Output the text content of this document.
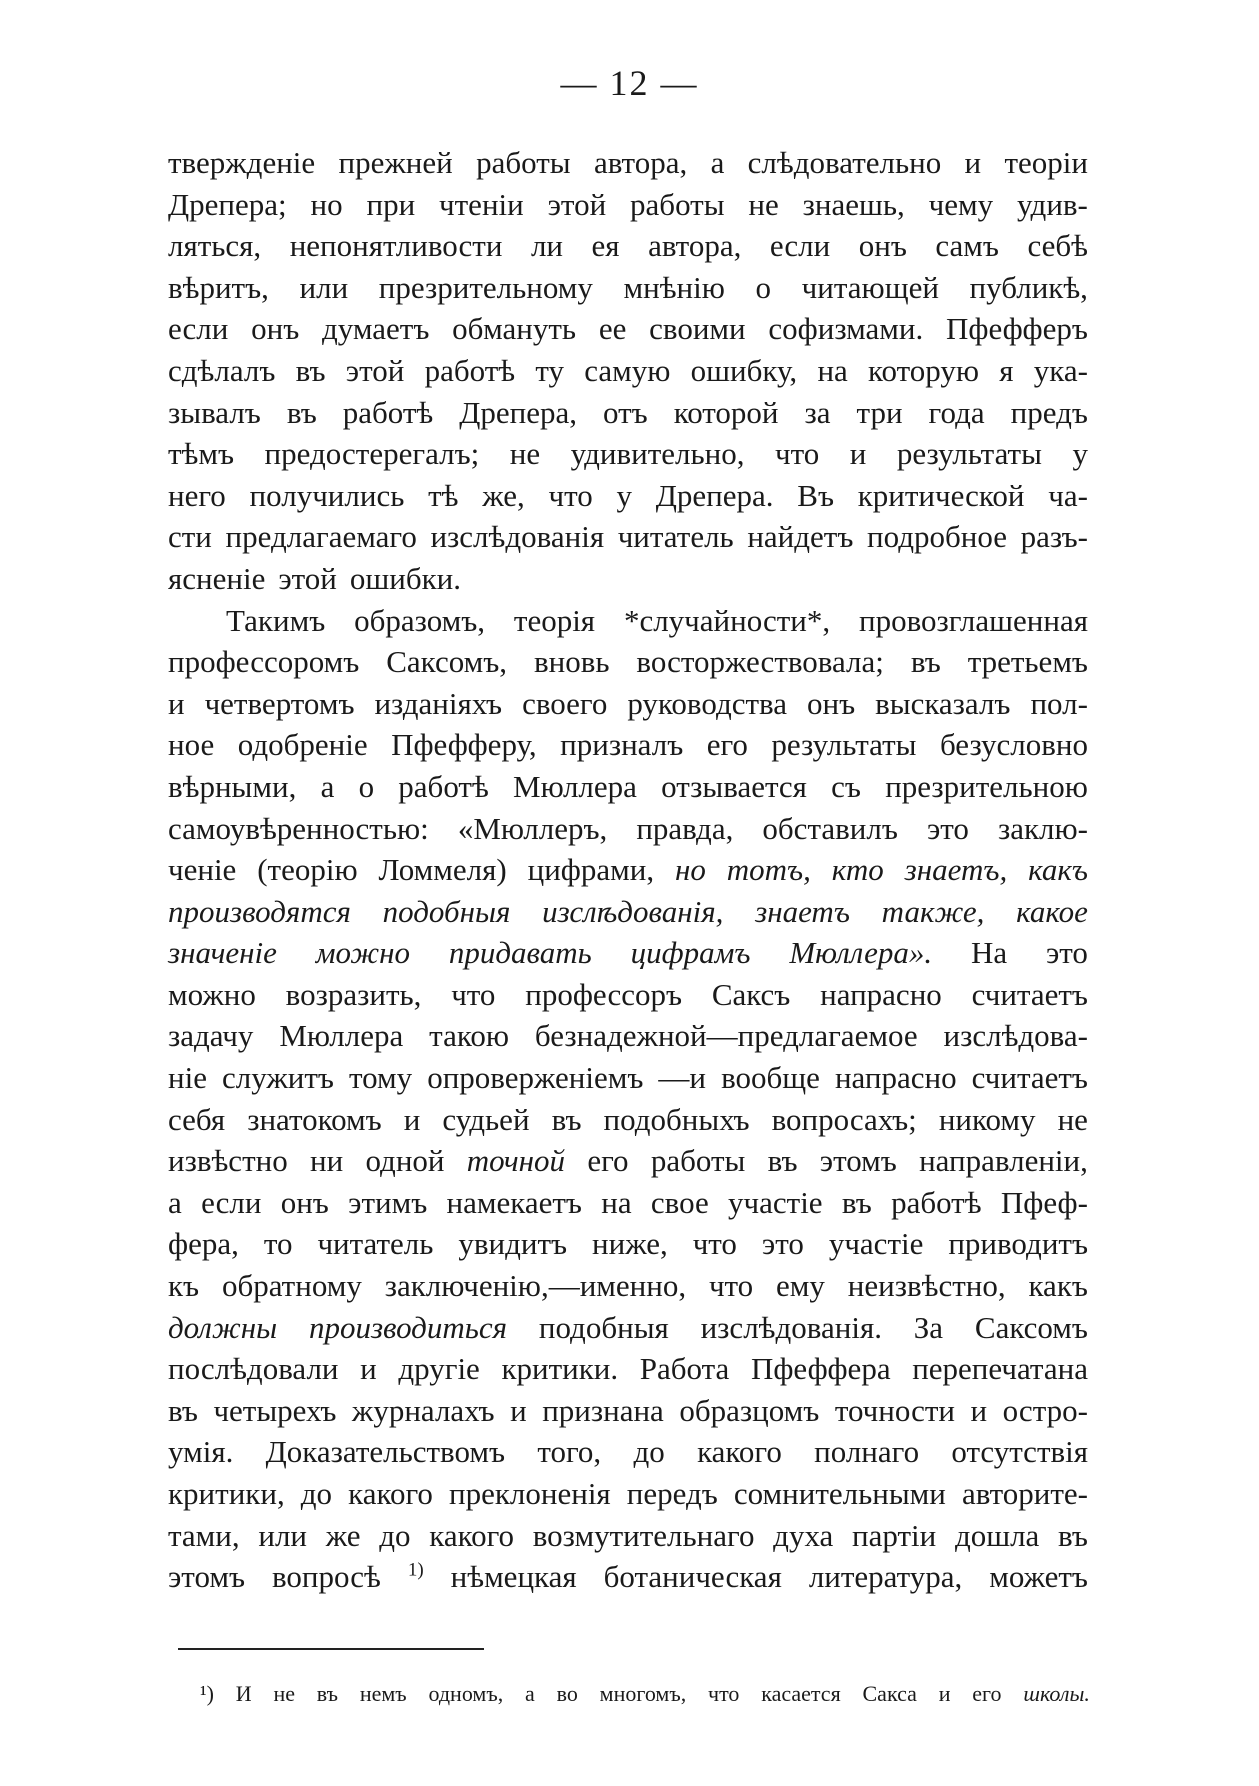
— 12 —
твержденіе прежней работы автора, а слѣдовательно и теоріи
Дрепера; но при чтеніи этой работы не знаешь, чему удив-
ляться, непонятливости ли ея автора, если онъ самъ себѣ
вѣритъ, или презрительному мнѣнію о читающей публикѣ,
если онъ думаетъ обмануть ее своими софизмами. Пфефферъ
сдѣлалъ въ этой работѣ ту самую ошибку, на которую я ука-
зывалъ въ работѣ Дрепера, отъ которой за три года предъ
тѣмъ предостерегалъ; не удивительно, что и результаты у
него получились тѣ же, что у Дрепера. Въ критической ча-
сти предлагаемаго изслѣдованія читатель найдетъ подробное разъ-
ясненіе этой ошибки.
Такимъ образомъ, теорія *случайности*, провозглашенная
профессоромъ Саксомъ, вновь восторжествовала; въ третьемъ
и четвертомъ изданіяхъ своего руководства онъ высказалъ пол-
ное одобреніе Пфефферу, призналъ его результаты безусловно
вѣрными, а о работѣ Мюллера отзывается съ презрительною
самоувѣренностью: «Мюллеръ, правда, обставилъ это заклю-
ченіе (теорію Ломмеля) цифрами, но тотъ, кто знаетъ, какъ
производятся подобныя изслѣдованія, знаетъ также, какое
значеніе можно придавать цифрамъ Мюллера». На это
можно возразить, что профессоръ Саксъ напрасно считаетъ
задачу Мюллера такою безнадежной—предлагаемое изслѣдова-
ніе служитъ тому опроверженіемъ —и вообще напрасно считаетъ
себя знатокомъ и судьей въ подобныхъ вопросахъ; никому не
извѣстно ни одной точной его работы въ этомъ направленіи,
а если онъ этимъ намекаетъ на свое участіе въ работѣ Пфеф-
фера, то читатель увидитъ ниже, что это участіе приводитъ
къ обратному заключенію,—именно, что ему неизвѣстно, какъ
должны производиться подобныя изслѣдованія. За Саксомъ
послѣдовали и другіе критики. Работа Пфеффера перепечатана
въ четырехъ журналахъ и признана образцомъ точности и остро-
умія. Доказательствомъ того, до какого полнаго отсутствія
критики, до какого преклоненія передъ сомнительными авторите-
тами, или же до какого возмутительнаго духа партіи дошла въ
этомъ вопросѣ $^{1)}$ нѣмецкая ботаническая литература, можетъ
¹) И не въ немъ одномъ, а во многомъ, что касается Сакса и его школы.
